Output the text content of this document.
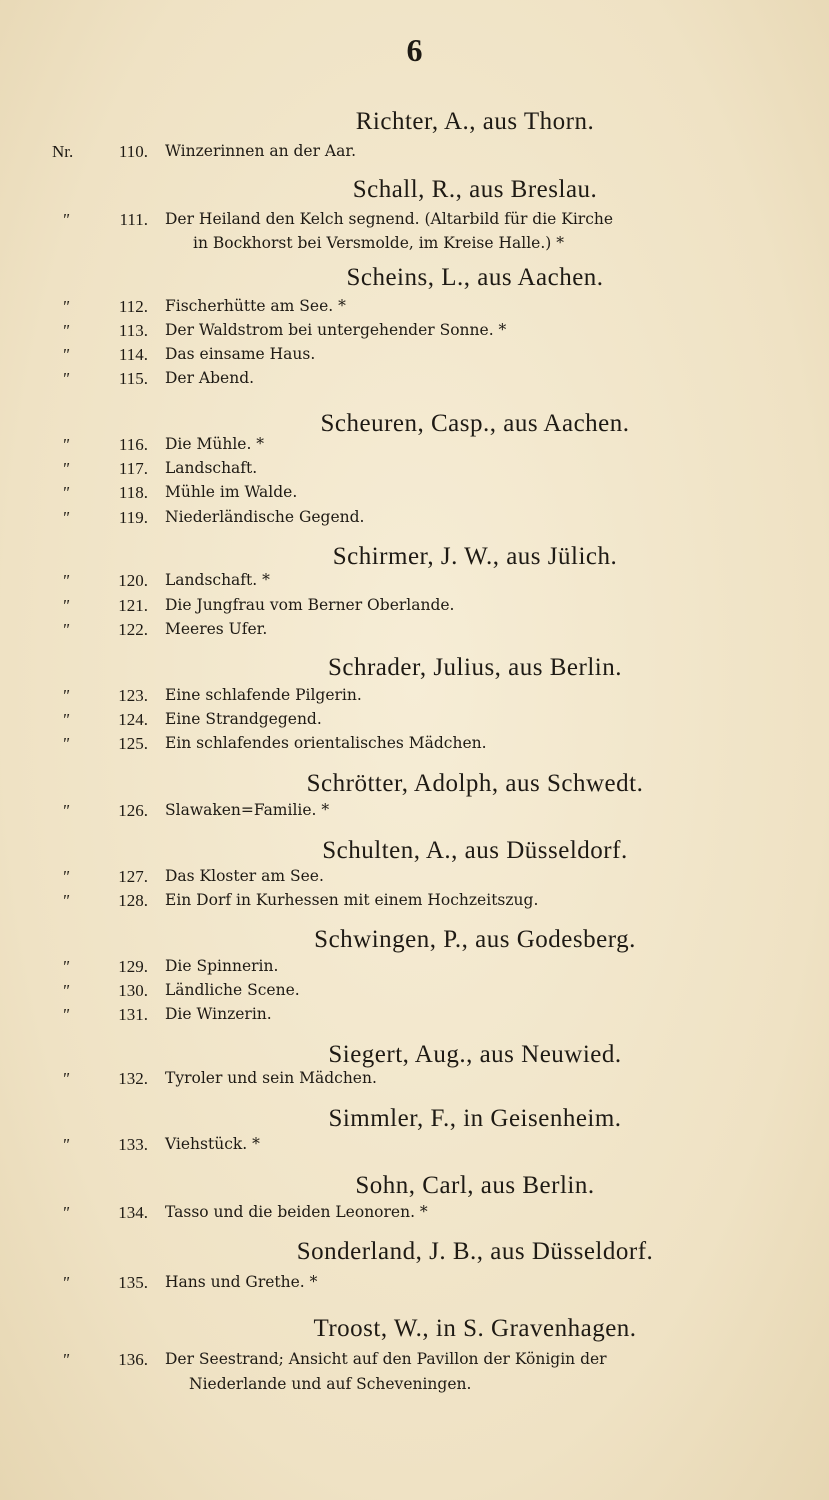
6
Richter, A., aus Thorn.
Nr.	110. Winzerinnen an der Aar.
Schall, R., aus Breslau.
"	111. Der Heiland den Kelch segnend. (Altarbild für die Kirche
in Bockhorst bei Versmolde, im Kreise Halle.) *
Scheins, L., aus Aachen.
"	112. Fischerhütte am See. *
"	113. Der Waldstrom bei untergehender Sonne. *
"	114. Das einsame Haus.
"	115. Der Abend.
Scheuren, Casp., aus Aachen.
"	116. Die Mühle. *
"	117. Landschaft.
"	118. Mühle im Walde.
"	119. Niederländische Gegend.
Schirmer, J. W., aus Jülich.
"	120. Landschaft. *
"	121. Die Jungfrau vom Berner Oberlande.
"	122. Meeres Ufer.
Schrader, Julius, aus Berlin.
"	123. Eine schlafende Pilgerin.
"	124. Eine Strandgegend.
"	125. Ein schlafendes orientalisches Mädchen.
Schrötter, Adolph, aus Schwedt.
"	126. Slawaken=Familie. *
Schulten, A., aus Düsseldorf.
"	127. Das Kloster am See.
"	128. Ein Dorf in Kurhessen mit einem Hochzeitszug.
Schwingen, P., aus Godesberg.
"	129. Die Spinnerin.
"	130. Ländliche Scene.
"	131. Die Winzerin.
Siegert, Aug., aus Neuwied.
"	132. Tyroler und sein Mädchen.
Simmler, F., in Geisenheim.
"	133. Viehstück. *
Sohn, Carl, aus Berlin.
"	134. Tasso und die beiden Leonoren. *
Sonderland, J. B., aus Düsseldorf.
"	135. Hans und Grethe. *
Troost, W., in S. Gravenhagen.
"	136. Der Seestrand; Ansicht auf den Pavillon der Königin der
Niederlande und auf Scheveningen.
